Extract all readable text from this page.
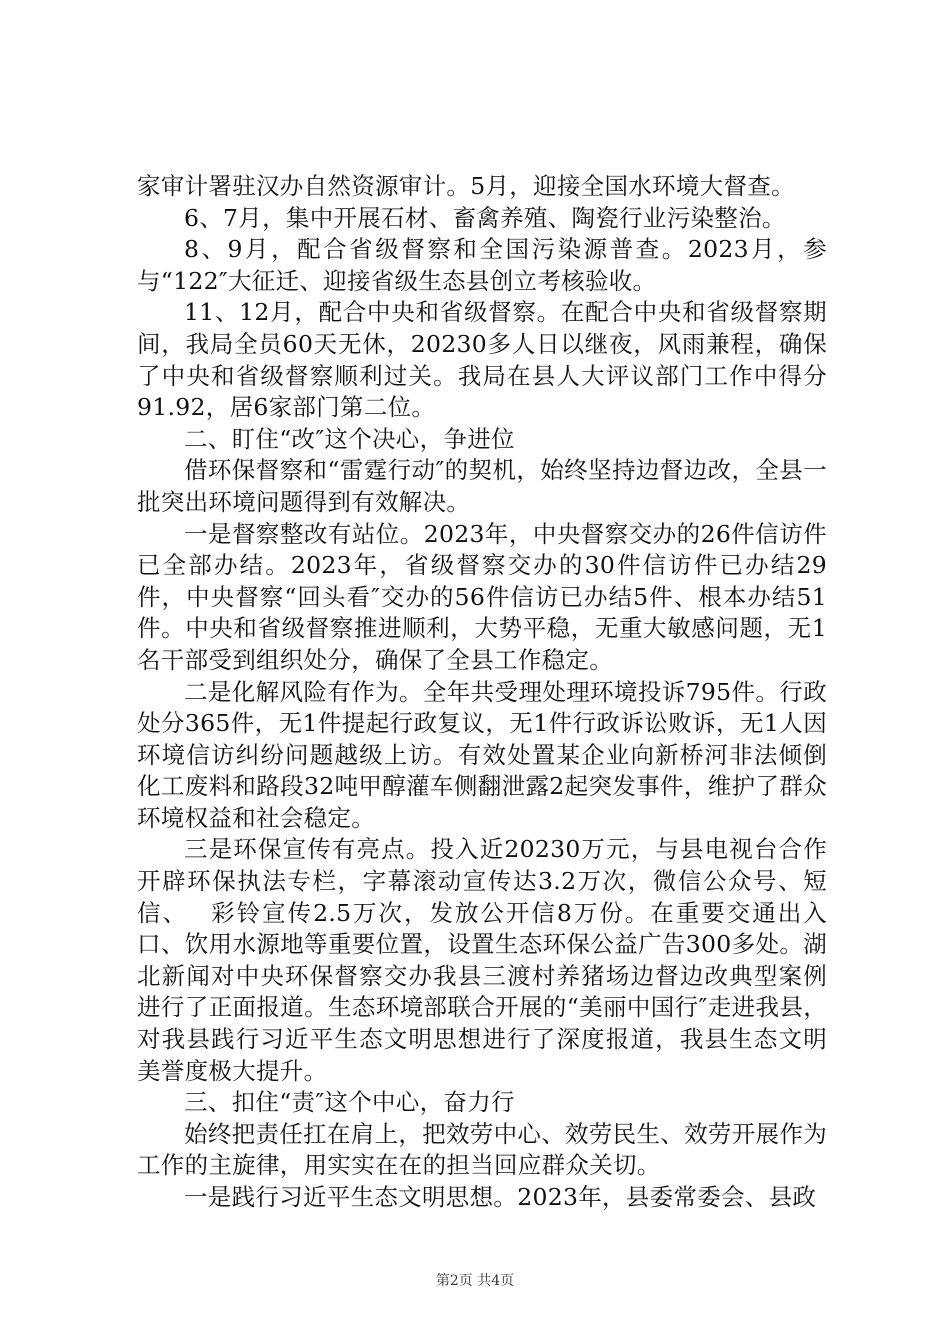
家审计署驻汉办自然资源审计。5月，迎接全国水环境大督查。

6、7月，集中开展石材、畜禽养殖、陶瓷行业污染整治。

8、9月，配合省级督察和全国污染源普查。2023月，参与“122″大征迁、迎接省级生态县创立考核验收。

11、12月，配合中央和省级督察。在配合中央和省级督察期间，我局全员60天无休，20230多人日以继夜，风雨兼程，确保了中央和省级督察顺利过关。我局在县人大评议部门工作中得分91.92，居6家部门第二位。

二、盯住“改″这个决心，争进位

借环保督察和“雷霆行动″的契机，始终坚持边督边改，全县一批突出环境问题得到有效解决。

一是督察整改有站位。2023年，中央督察交办的26件信访件已全部办结。2023年，省级督察交办的30件信访件已办结29件，中央督察“回头看″交办的56件信访已办结5件、根本办结51件。中央和省级督察推进顺利，大势平稳，无重大敏感问题，无1名干部受到组织处分，确保了全县工作稳定。

二是化解风险有作为。全年共受理处理环境投诉795件。行政处分365件，无1件提起行政复议，无1件行政诉讼败诉，无1人因环境信访纠纷问题越级上访。有效处置某企业向新桥河非法倾倒化工废料和路段32吨甲醇灌车侧翻泄露2起突发事件，维护了群众环境权益和社会稳定。

三是环保宣传有亮点。投入近20230万元，与县电视台合作开辟环保执法专栏，字幕滚动宣传达3.2万次，微信公众号、短信、　 彩铃宣传2.5万次，发放公开信8万份。在重要交通出入口、饮用水源地等重要位置，设置生态环保公益广告300多处。湖北新闻对中央环保督察交办我县三渡村养猪场边督边改典型案例进行了正面报道。生态环境部联合开展的“美丽中国行″走进我县，对我县践行习近平生态文明思想进行了深度报道，我县生态文明美誉度极大提升。

三、扣住“责″这个中心，奋力行

始终把责任扛在肩上，把效劳中心、效劳民生、效劳开展作为工作的主旋律，用实实在在的担当回应群众关切。

一是践行习近平生态文明思想。2023年，县委常委会、县政

第2页 共4页
